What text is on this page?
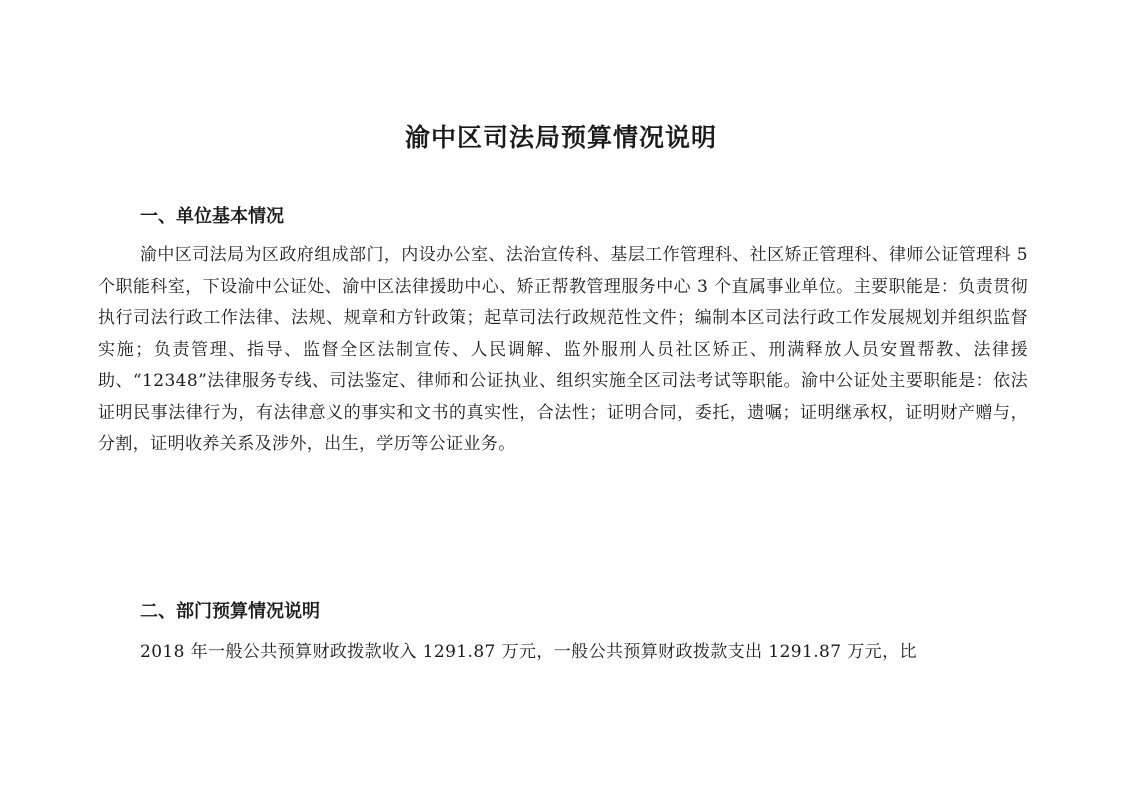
渝中区司法局预算情况说明
一、单位基本情况

渝中区司法局为区政府组成部门，内设办公室、法治宣传科、基层工作管理科、社区矫正管理科、律师公证管理科 5 个职能科室，下设渝中公证处、渝中区法律援助中心、矫正帮教管理服务中心 3 个直属事业单位。主要职能是：负责贯彻执行司法行政工作法律、法规、规章和方针政策；起草司法行政规范性文件；编制本区司法行政工作发展规划并组织监督实施；负责管理、指导、监督全区法制宣传、人民调解、监外服刑人员社区矫正、刑满释放人员安置帮教、法律援助、“12348”法律服务专线、司法鉴定、律师和公证执业、组织实施全区司法考试等职能。渝中公证处主要职能是：依法证明民事法律行为，有法律意义的事实和文书的真实性，合法性；证明合同，委托，遗嘱；证明继承权，证明财产赠与，分割，证明收养关系及涉外，出生，学历等公证业务。

二、部门预算情况说明

2018 年一般公共预算财政拨款收入 1291.87 万元，一般公共预算财政拨款支出 1291.87 万元，比
